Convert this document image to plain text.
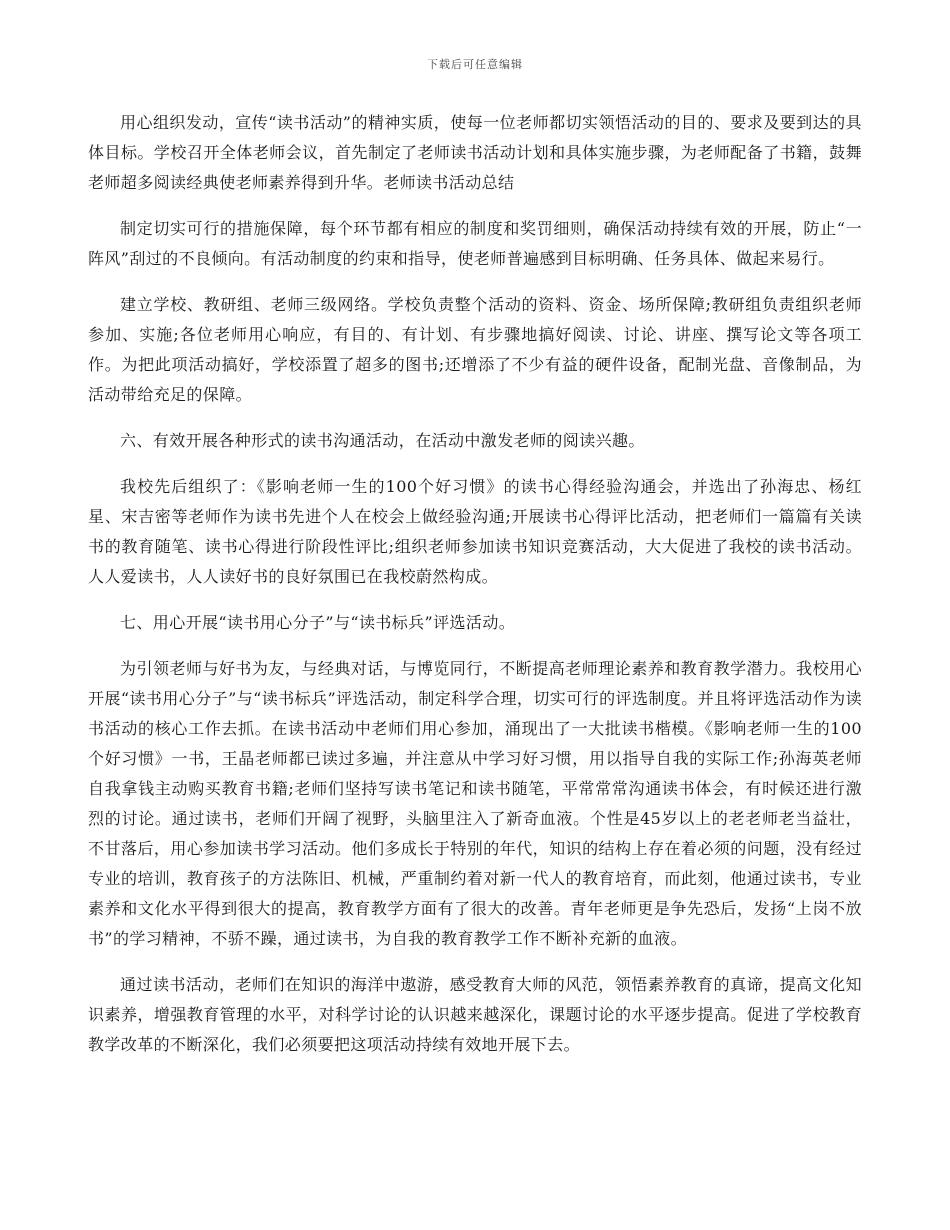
下载后可任意编辑

用心组织发动，宣传“读书活动”的精神实质，使每一位老师都切实领悟活动的目的、要求及要到达的具体目标。学校召开全体老师会议，首先制定了老师读书活动计划和具体实施步骤，为老师配备了书籍，鼓舞老师超多阅读经典使老师素养得到升华。老师读书活动总结

制定切实可行的措施保障，每个环节都有相应的制度和奖罚细则，确保活动持续有效的开展，防止“一阵风”刮过的不良倾向。有活动制度的约束和指导，使老师普遍感到目标明确、任务具体、做起来易行。

建立学校、教研组、老师三级网络。学校负责整个活动的资料、资金、场所保障;教研组负责组织老师参加、实施;各位老师用心响应，有目的、有计划、有步骤地搞好阅读、讨论、讲座、撰写论文等各项工作。为把此项活动搞好，学校添置了超多的图书;还增添了不少有益的硬件设备，配制光盘、音像制品，为活动带给充足的保障。

六、有效开展各种形式的读书沟通活动，在活动中激发老师的阅读兴趣。

我校先后组织了：《影响老师一生的100个好习惯》的读书心得经验沟通会，并选出了孙海忠、杨红星、宋吉密等老师作为读书先进个人在校会上做经验沟通;开展读书心得评比活动，把老师们一篇篇有关读书的教育随笔、读书心得进行阶段性评比;组织老师参加读书知识竞赛活动，大大促进了我校的读书活动。人人爱读书，人人读好书的良好氛围已在我校蔚然构成。

七、用心开展“读书用心分子”与“读书标兵”评选活动。

为引领老师与好书为友，与经典对话，与博览同行，不断提高老师理论素养和教育教学潜力。我校用心开展“读书用心分子”与“读书标兵”评选活动，制定科学合理，切实可行的评选制度。并且将评选活动作为读书活动的核心工作去抓。在读书活动中老师们用心参加，涌现出了一大批读书楷模。《影响老师一生的100个好习惯》一书，王晶老师都已读过多遍，并注意从中学习好习惯，用以指导自我的实际工作;孙海英老师自我拿钱主动购买教育书籍;老师们坚持写读书笔记和读书随笔，平常常常沟通读书体会，有时候还进行激烈的讨论。通过读书，老师们开阔了视野，头脑里注入了新奇血液。个性是45岁以上的老老师老当益壮，不甘落后，用心参加读书学习活动。他们多成长于特别的年代，知识的结构上存在着必须的问题，没有经过专业的培训，教育孩子的方法陈旧、机械，严重制约着对新一代人的教育培育，而此刻，他通过读书，专业素养和文化水平得到很大的提高，教育教学方面有了很大的改善。青年老师更是争先恐后，发扬“上岗不放书”的学习精神，不骄不躁，通过读书，为自我的教育教学工作不断补充新的血液。

通过读书活动，老师们在知识的海洋中遨游，感受教育大师的风范，领悟素养教育的真谛，提高文化知识素养，增强教育管理的水平，对科学讨论的认识越来越深化，课题讨论的水平逐步提高。促进了学校教育教学改革的不断深化，我们必须要把这项活动持续有效地开展下去。
